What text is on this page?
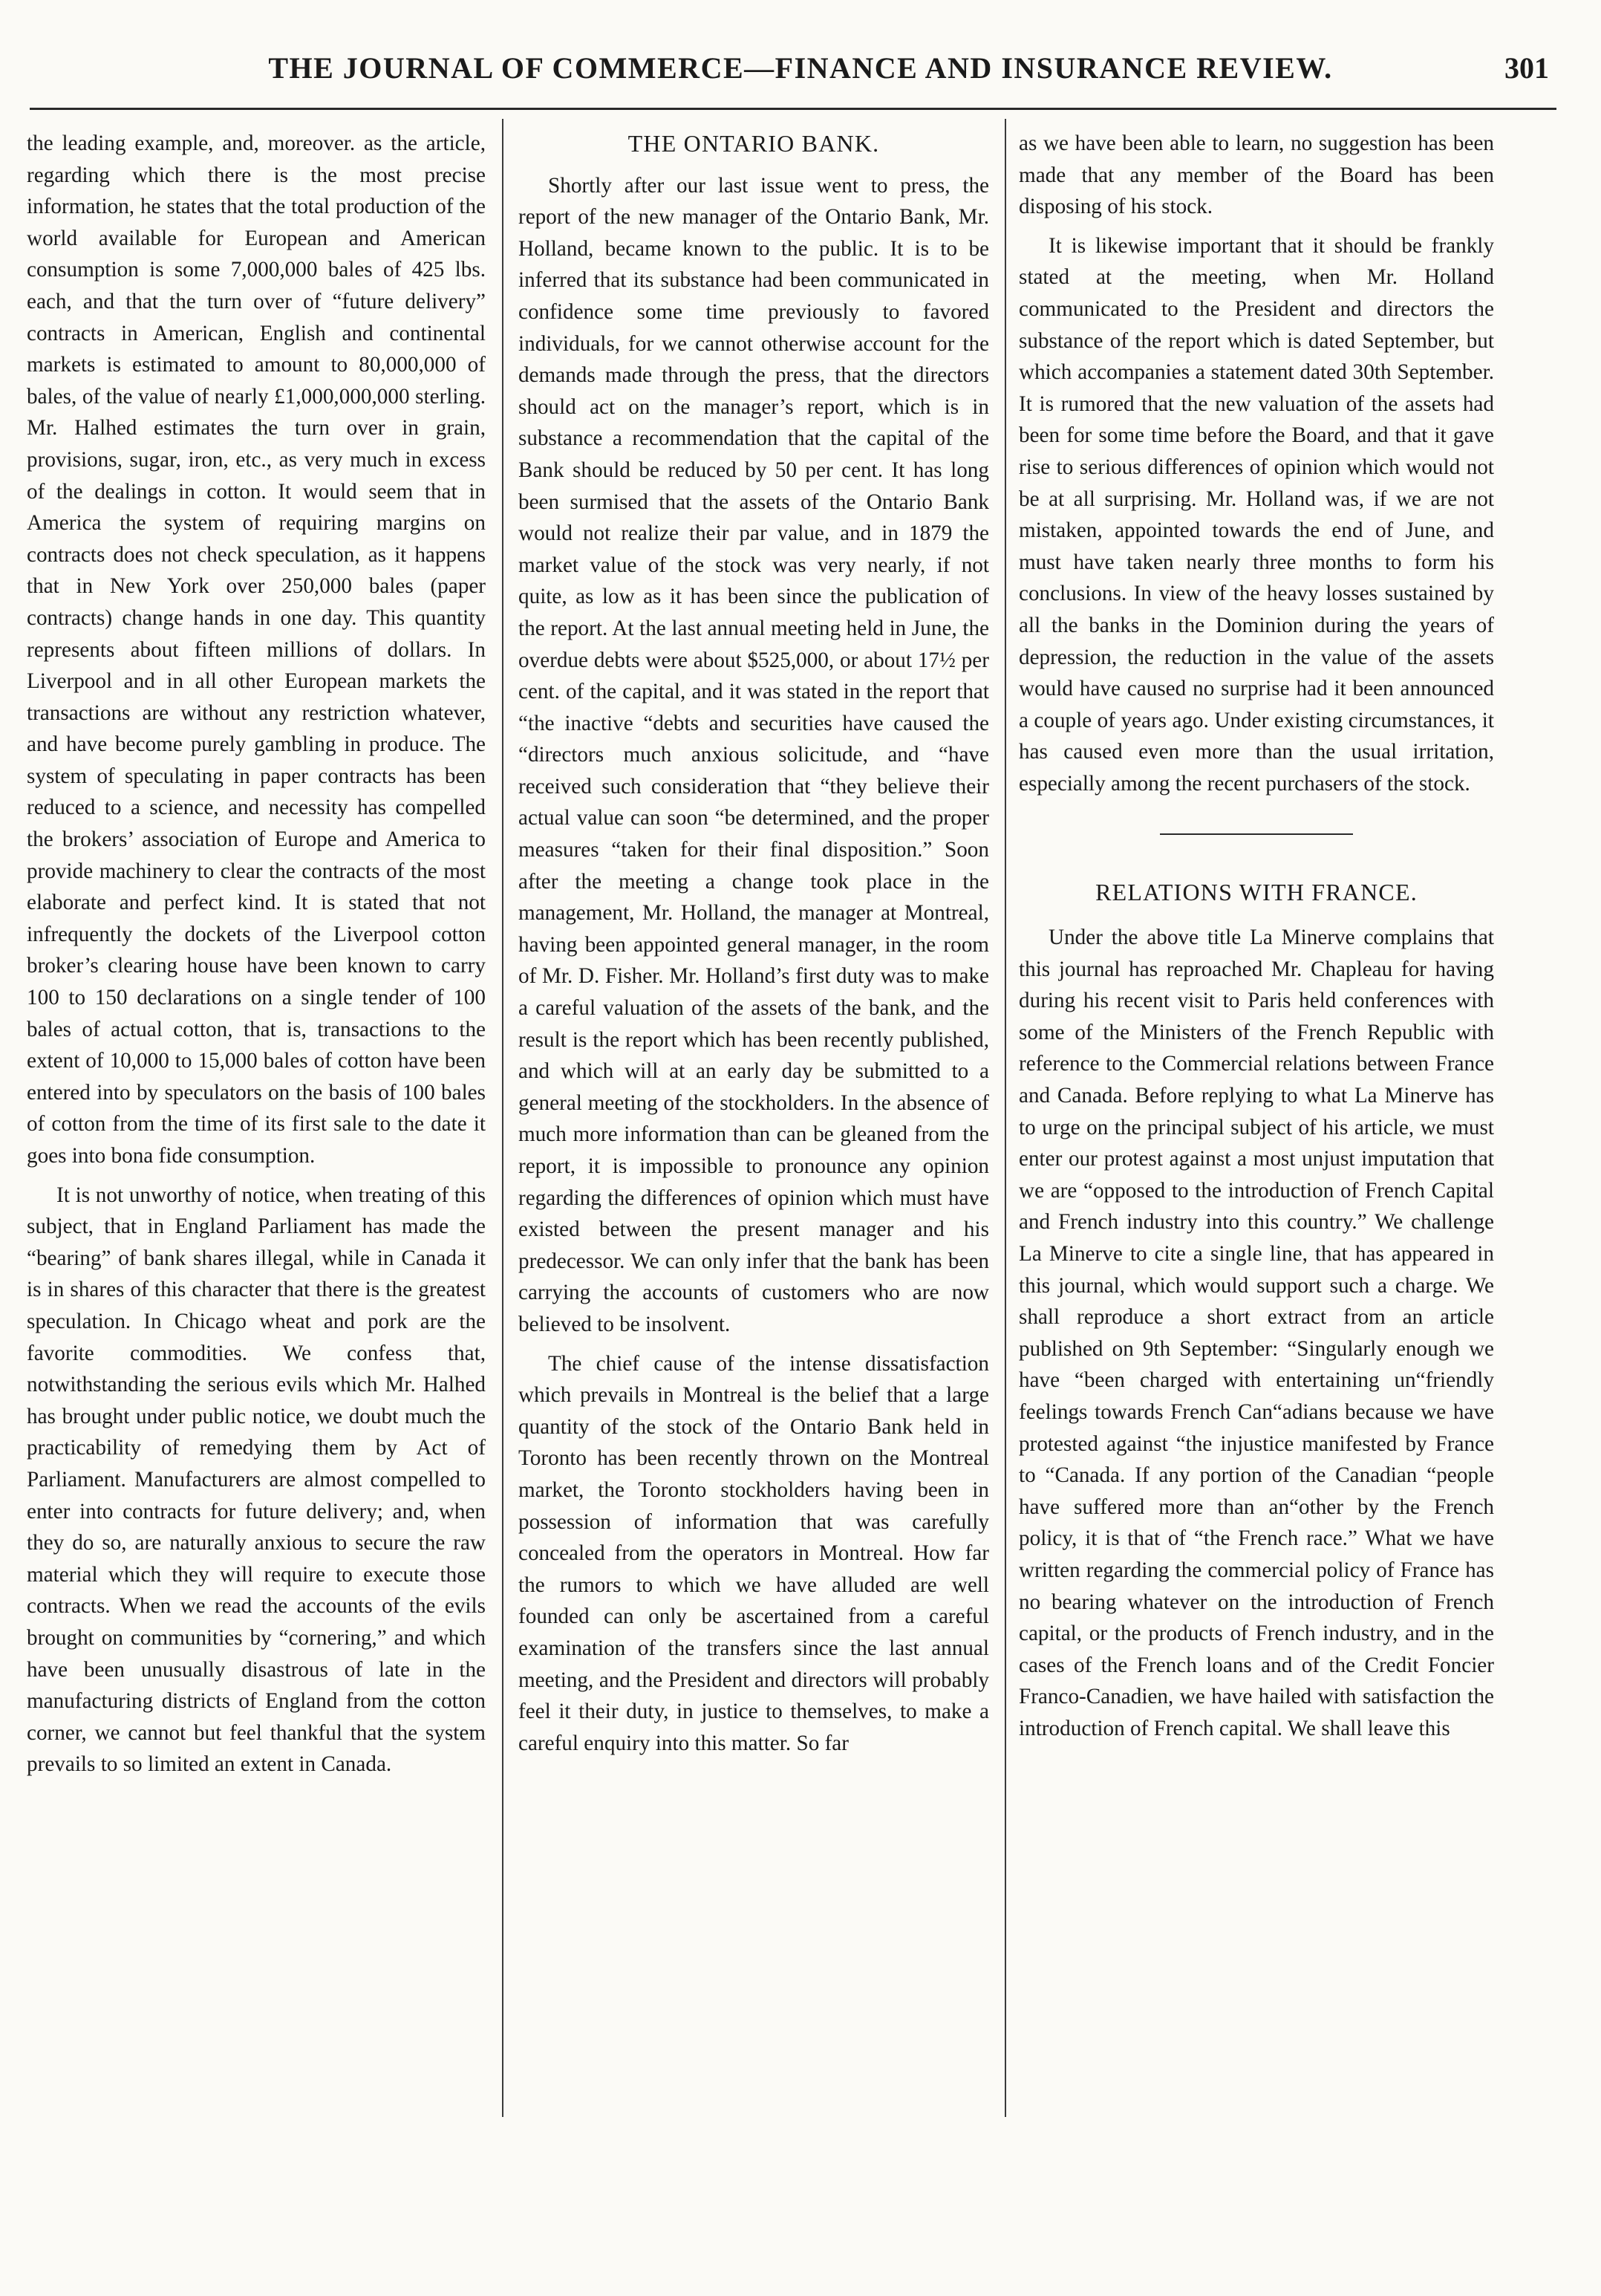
THE JOURNAL OF COMMERCE—FINANCE AND INSURANCE REVIEW.	301

the leading example, and, moreover. as the article, regarding which there is the most precise information, he states that the total production of the world available for European and American consumption is some 7,000,000 bales of 425 lbs. each, and that the turn over of “future delivery” contracts in American, English and continental markets is estimated to amount to 80,000,000 of bales, of the value of nearly £1,000,000,000 sterling. Mr. Halhed estimates the turn over in grain, provisions, sugar, iron, etc., as very much in excess of the dealings in cotton. It would seem that in America the system of requiring margins on contracts does not check speculation, as it happens that in New York over 250,000 bales (paper contracts) change hands in one day. This quantity represents about fifteen millions of dollars. In Liverpool and in all other European markets the transactions are without any restriction whatever, and have become purely gambling in produce. The system of speculating in paper contracts has been reduced to a science, and necessity has compelled the brokers’ association of Europe and America to provide machinery to clear the contracts of the most elaborate and perfect kind. It is stated that not infrequently the dockets of the Liverpool cotton broker’s clearing house have been known to carry 100 to 150 declarations on a single tender of 100 bales of actual cotton, that is, transactions to the extent of 10,000 to 15,000 bales of cotton have been entered into by speculators on the basis of 100 bales of cotton from the time of its first sale to the date it goes into bona fide consumption.

It is not unworthy of notice, when treating of this subject, that in England Parliament has made the “bearing” of bank shares illegal, while in Canada it is in shares of this character that there is the greatest speculation. In Chicago wheat and pork are the favorite commodities. We confess that, notwithstanding the serious evils which Mr. Halhed has brought under public notice, we doubt much the practicability of remedying them by Act of Parliament. Manufacturers are almost compelled to enter into contracts for future delivery; and, when they do so, are naturally anxious to secure the raw material which they will require to execute those contracts. When we read the accounts of the evils brought on communities by “cornering,” and which have been unusually disastrous of late in the manufacturing districts of England from the cotton corner, we cannot but feel thankful that the system prevails to so limited an extent in Canada.

THE ONTARIO BANK.

Shortly after our last issue went to press, the report of the new manager of the Ontario Bank, Mr. Holland, became known to the public. It is to be inferred that its substance had been communicated in confidence some time previously to favored individuals, for we cannot otherwise account for the demands made through the press, that the directors should act on the manager’s report, which is in substance a recommendation that the capital of the Bank should be reduced by 50 per cent. It has long been surmised that the assets of the Ontario Bank would not realize their par value, and in 1879 the market value of the stock was very nearly, if not quite, as low as it has been since the publication of the report. At the last annual meeting held in June, the overdue debts were about $525,000, or about 17½ per cent. of the capital, and it was stated in the report that “the inactive “debts and securities have caused the “directors much anxious solicitude, and “have received such consideration that “they believe their actual value can soon “be determined, and the proper measures “taken for their final disposition.” Soon after the meeting a change took place in the management, Mr. Holland, the manager at Montreal, having been appointed general manager, in the room of Mr. D. Fisher. Mr. Holland’s first duty was to make a careful valuation of the assets of the bank, and the result is the report which has been recently published, and which will at an early day be submitted to a general meeting of the stockholders. In the absence of much more information than can be gleaned from the report, it is impossible to pronounce any opinion regarding the differences of opinion which must have existed between the present manager and his predecessor. We can only infer that the bank has been carrying the accounts of customers who are now believed to be insolvent.

The chief cause of the intense dissatisfaction which prevails in Montreal is the belief that a large quantity of the stock of the Ontario Bank held in Toronto has been recently thrown on the Montreal market, the Toronto stockholders having been in possession of information that was carefully concealed from the operators in Montreal. How far the rumors to which we have alluded are well founded can only be ascertained from a careful examination of the transfers since the last annual meeting, and the President and directors will probably feel it their duty, in justice to themselves, to make a careful enquiry into this matter. So far

as we have been able to learn, no suggestion has been made that any member of the Board has been disposing of his stock.

It is likewise important that it should be frankly stated at the meeting, when Mr. Holland communicated to the President and directors the substance of the report which is dated September, but which accompanies a statement dated 30th September. It is rumored that the new valuation of the assets had been for some time before the Board, and that it gave rise to serious differences of opinion which would not be at all surprising. Mr. Holland was, if we are not mistaken, appointed towards the end of June, and must have taken nearly three months to form his conclusions. In view of the heavy losses sustained by all the banks in the Dominion during the years of depression, the reduction in the value of the assets would have caused no surprise had it been announced a couple of years ago. Under existing circumstances, it has caused even more than the usual irritation, especially among the recent purchasers of the stock.

RELATIONS WITH FRANCE.

Under the above title La Minerve complains that this journal has reproached Mr. Chapleau for having during his recent visit to Paris held conferences with some of the Ministers of the French Republic with reference to the Commercial relations between France and Canada. Before replying to what La Minerve has to urge on the principal subject of his article, we must enter our protest against a most unjust imputation that we are “opposed to the introduction of French Capital and French industry into this country.” We challenge La Minerve to cite a single line, that has appeared in this journal, which would support such a charge. We shall reproduce a short extract from an article published on 9th September: “Singularly enough we have “been charged with entertaining un“friendly feelings towards French Can“adians because we have protested against “the injustice manifested by France to “Canada. If any portion of the Canadian “people have suffered more than an“other by the French policy, it is that of “the French race.” What we have written regarding the commercial policy of France has no bearing whatever on the introduction of French capital, or the products of French industry, and in the cases of the French loans and of the Credit Foncier Franco-Canadien, we have hailed with satisfaction the introduction of French capital. We shall leave this
